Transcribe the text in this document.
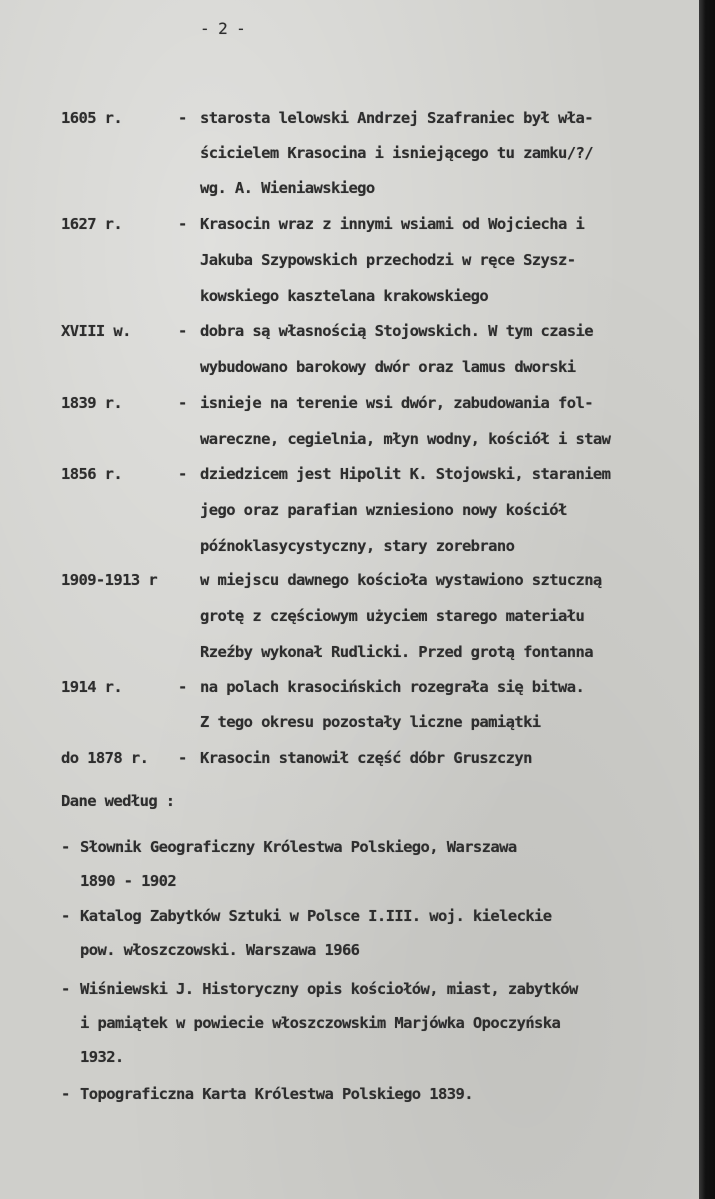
- 2 -
1605 r.	- starosta lelowski Andrzej Szafraniec był wła-
ścicielem Krasocina i isniejącego tu zamku/?/
wg. A. Wieniawskiego
1627 r.	- Krasocin wraz z innymi wsiami od Wojciecha i
Jakuba Szypowskich przechodzi w ręce Szysz-
kowskiego kasztelana krakowskiego
XVIII w.	- dobra są własnością Stojowskich. W tym czasie
wybudowano barokowy dwór oraz lamus dworski
1839 r.	- isnieje na terenie wsi dwór, zabudowania fol-
wareczne, cegielnia, młyn wodny, kościół i staw
1856 r.	- dziedzicem jest Hipolit K. Stojowski, staraniem
jego oraz parafian wzniesiono nowy kościół
późnoklasycystyczny, stary zorebrano
1909-1913 r	w miejscu dawnego kościoła wystawiono sztuczną
grotę z częściowym użyciem starego materiału
Rzeźby wykonał Rudlicki. Przed grotą fontanna
1914 r.	- na polach krasocińskich rozegrała się bitwa.
Z tego okresu pozostały liczne pamiątki
do 1878 r. - Krasocin stanowił część dóbr Gruszczyn
Dane według :
- Słownik Geograficzny Królestwa Polskiego, Warszawa
1890 - 1902
- Katalog Zabytków Sztuki w Polsce I.III. woj. kieleckie
pow. włoszczowski. Warszawa 1966
- Wiśniewski J. Historyczny opis kościołów, miast, zabytków
i pamiątek w powiecie włoszczowskim Marjówka Opoczyńska
1932.
- Topograficzna Karta Królestwa Polskiego 1839.
